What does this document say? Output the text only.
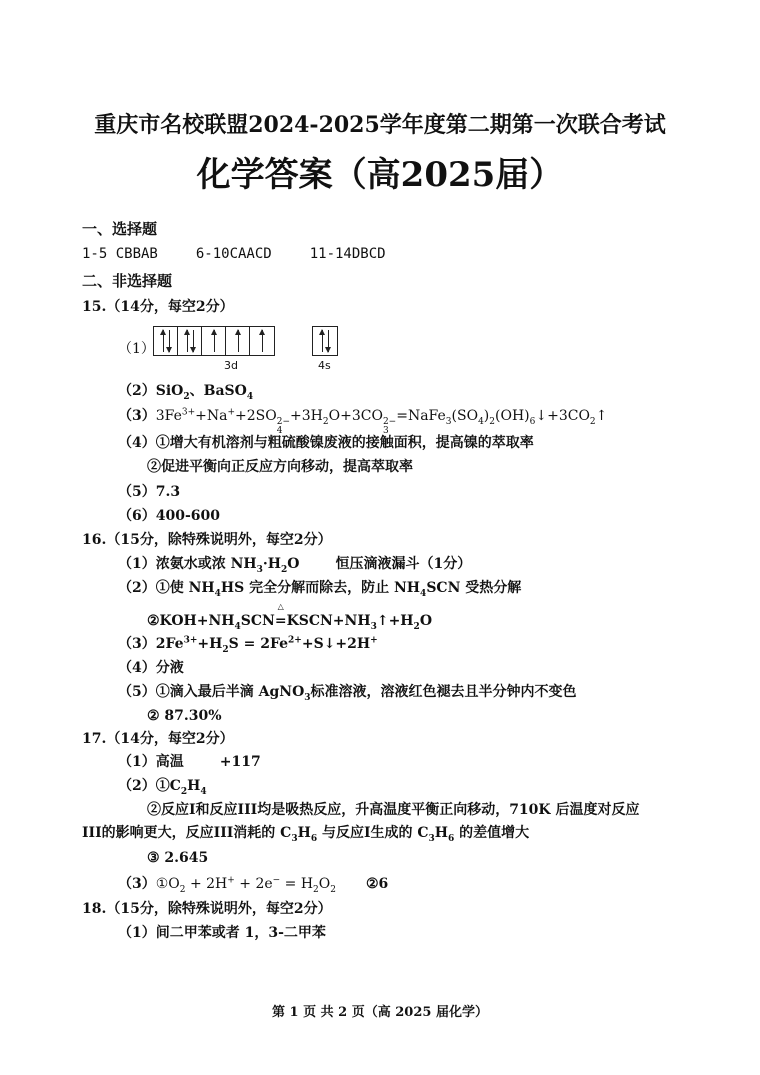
重庆市名校联盟2024-2025学年度第二期第一次联合考试
化学答案（高2025届）
一、选择题
1-5 CBBAB	6-10CAACD	11-14DBCD
二、非选择题
15.（14分，每空2分）
（1）
3d	4s
（2）SiO$_2$、BaSO$_4$
$(3)3Fe^{3+}+Na^++2SO$ 2−
4
$+3H_2O+3CO$ 2−
3
$=NaFe_3(SO_4)_2(OH)_6↓+3CO_2↑$
（4）①增大有机溶剂与粗硫酸镍废液的接触面积，提高镍的萃取率
②促进平衡向正反应方向移动，提高萃取率
（5）7.3
（6）400-600
16.（15分，除特殊说明外，每空2分）
（1）浓氨水或浓 $NH_3\cdot H_2O$	恒压滴液漏斗（1分）
（2）①使 $NH_4HS$ 完全分解而除去，防止 $NH_4SCN$ 受热分解
$②KOH+NH_4SCN\triangle$ $=KSCN+NH_3↑+H_2O$
$(3)2Fe^{3+}+H_2S$ = $2Fe^{2+}+S↓+2H^+$
（4）分液
（5）①滴入最后半滴 AgNO$_3$标准溶液，溶液红色褪去且半分钟内不变色
② 87.30%
17.（14分，每空2分）
（1）高温	+117
$(2)①C_2H_4$
②反应I和反应III均是吸热反应，升高温度平衡正向移动，710K 后温度对反应
III的影响更大，反应III消耗的 $C_3H_6$ 与反应I生成的 $C_3H_6$ 的差值增大
③ 2.645
$(3)①O_2 + 2H^+ + 2e^- = H_2O_2$ ②6
18.（15分，除特殊说明外，每空2分）
（1）间二甲苯或者 1，3-二甲苯
第 1 页 共 2 页（高 2025 届化学）
